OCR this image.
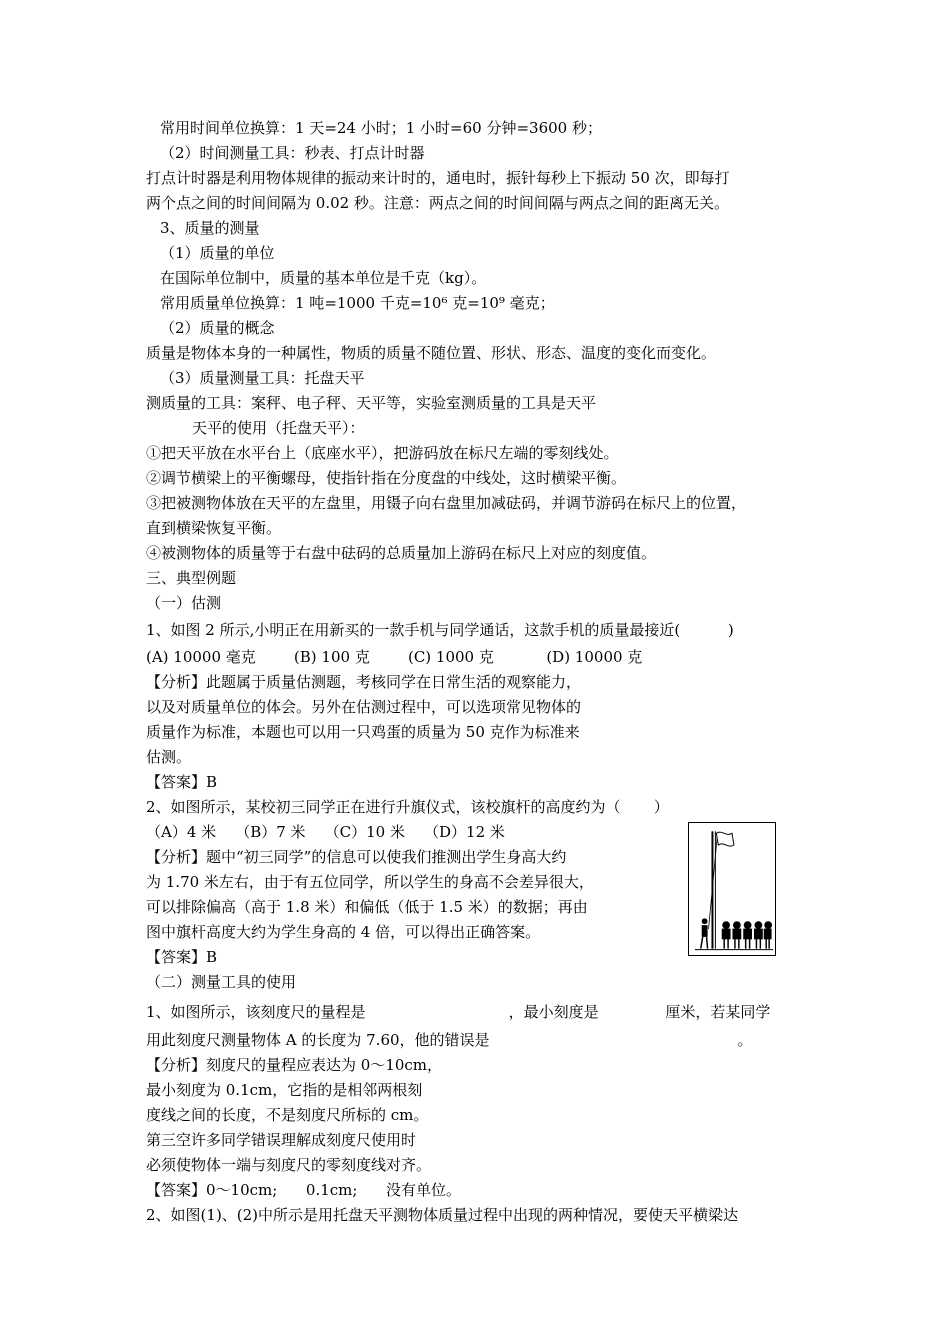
常用时间单位换算：1 天=24 小时；1 小时=60 分钟=3600 秒；
（2）时间测量工具：秒表、打点计时器
打点计时器是利用物体规律的振动来计时的，通电时，振针每秒上下振动 50 次，即每打
两个点之间的时间间隔为 0.02 秒。注意：两点之间的时间间隔与两点之间的距离无关。
3、质量的测量
（1）质量的单位
在国际单位制中，质量的基本单位是千克（kg）。
常用质量单位换算：1 吨=1000 千克=10⁶ 克=10⁹ 毫克；
（2）质量的概念
质量是物体本身的一种属性，物质的质量不随位置、形状、形态、温度的变化而变化。
（3）质量测量工具：托盘天平
测质量的工具：案秤、电子秤、天平等，实验室测质量的工具是天平
天平的使用（托盘天平）：
①把天平放在水平台上（底座水平），把游码放在标尺左端的零刻线处。
②调节横梁上的平衡螺母，使指针指在分度盘的中线处，这时横梁平衡。
③把被测物体放在天平的左盘里，用镊子向右盘里加减砝码，并调节游码在标尺上的位置，
直到横梁恢复平衡。
④被测物体的质量等于右盘中砝码的总质量加上游码在标尺上对应的刻度值。
三、典型例题
（一）估测
1、如图 2 所示,小明正在用新买的一款手机与同学通话，这款手机的质量最接近(          )
(A) 10000 毫克        (B) 100 克        (C) 1000 克           (D) 10000 克
【分析】此题属于质量估测题，考核同学在日常生活的观察能力，
以及对质量单位的体会。另外在估测过程中，可以选项常见物体的
质量作为标准，本题也可以用一只鸡蛋的质量为 50 克作为标准来
估测。
【答案】B
2、如图所示，某校初三同学正在进行升旗仪式，该校旗杆的高度约为（       ）
（A）4 米    （B）7 米    （C）10 米    （D）12 米
【分析】题中“初三同学”的信息可以使我们推测出学生身高大约
为 1.70 米左右，由于有五位同学，所以学生的身高不会差异很大，
可以排除偏高（高于 1.8 米）和偏低（低于 1.5 米）的数据；再由
图中旗杆高度大约为学生身高的 4 倍，可以得出正确答案。
【答案】B
（二）测量工具的使用
1、如图所示，该刻度尺的量程是                              ，最小刻度是              厘米，若某同学
用此刻度尺测量物体 A 的长度为 7.60，他的错误是                                                    。
【分析】刻度尺的量程应表达为 0～10cm，
最小刻度为 0.1cm，它指的是相邻两根刻
度线之间的长度，不是刻度尺所标的 cm。
第三空许多同学错误理解成刻度尺使用时
必须使物体一端与刻度尺的零刻度线对齐。
【答案】0～10cm;      0.1cm;      没有单位。
2、如图(1)、(2)中所示是用托盘天平测物体质量过程中出现的两种情况，要使天平横梁达
